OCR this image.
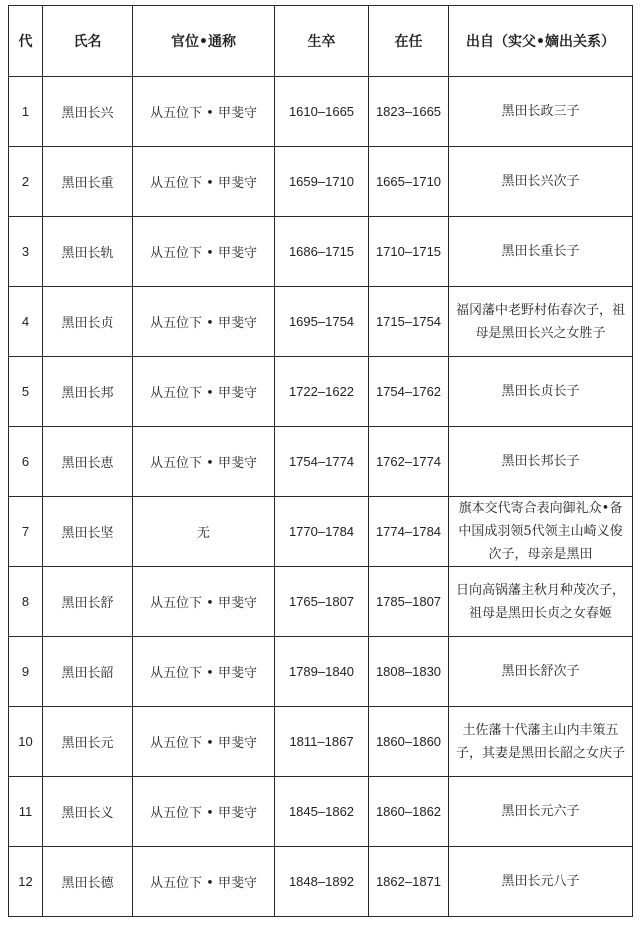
代	氏名	官位•通称	生卒	在任	出自（实父•嫡出关系）
1	黑田长兴	从五位下 • 甲斐守	1610–1665	1823–1665	黑田长政三子
2	黑田长重	从五位下 • 甲斐守	1659–1710	1665–1710	黑田长兴次子
3	黑田长轨	从五位下 • 甲斐守	1686–1715	1710–1715	黑田长重长子
4	黑田长贞	从五位下 • 甲斐守	1695–1754	1715–1754	福冈藩中老野村佑春次子，祖母是黑田长兴之女胜子
5	黑田长邦	从五位下 • 甲斐守	1722–1622	1754–1762	黑田长贞长子
6	黑田长恵	从五位下 • 甲斐守	1754–1774	1762–1774	黑田长邦长子
7	黑田长坚	无	1770–1784	1774–1784	旗本交代寄合表向御礼众•备中国成羽领5代领主山崎义俊次子，母亲是黑田
8	黑田长舒	从五位下 • 甲斐守	1765–1807	1785–1807	日向高锅藩主秋月种茂次子，祖母是黑田长贞之女春姬
9	黑田长韶	从五位下 • 甲斐守	1789–1840	1808–1830	黑田长舒次子
10	黑田长元	从五位下 • 甲斐守	1811–1867	1860–1860	土佐藩十代藩主山内丰策五子，其妻是黑田长韶之女庆子
11	黑田长义	从五位下 • 甲斐守	1845–1862	1860–1862	黑田长元六子
12	黑田长德	从五位下 • 甲斐守	1848–1892	1862–1871	黑田长元八子
